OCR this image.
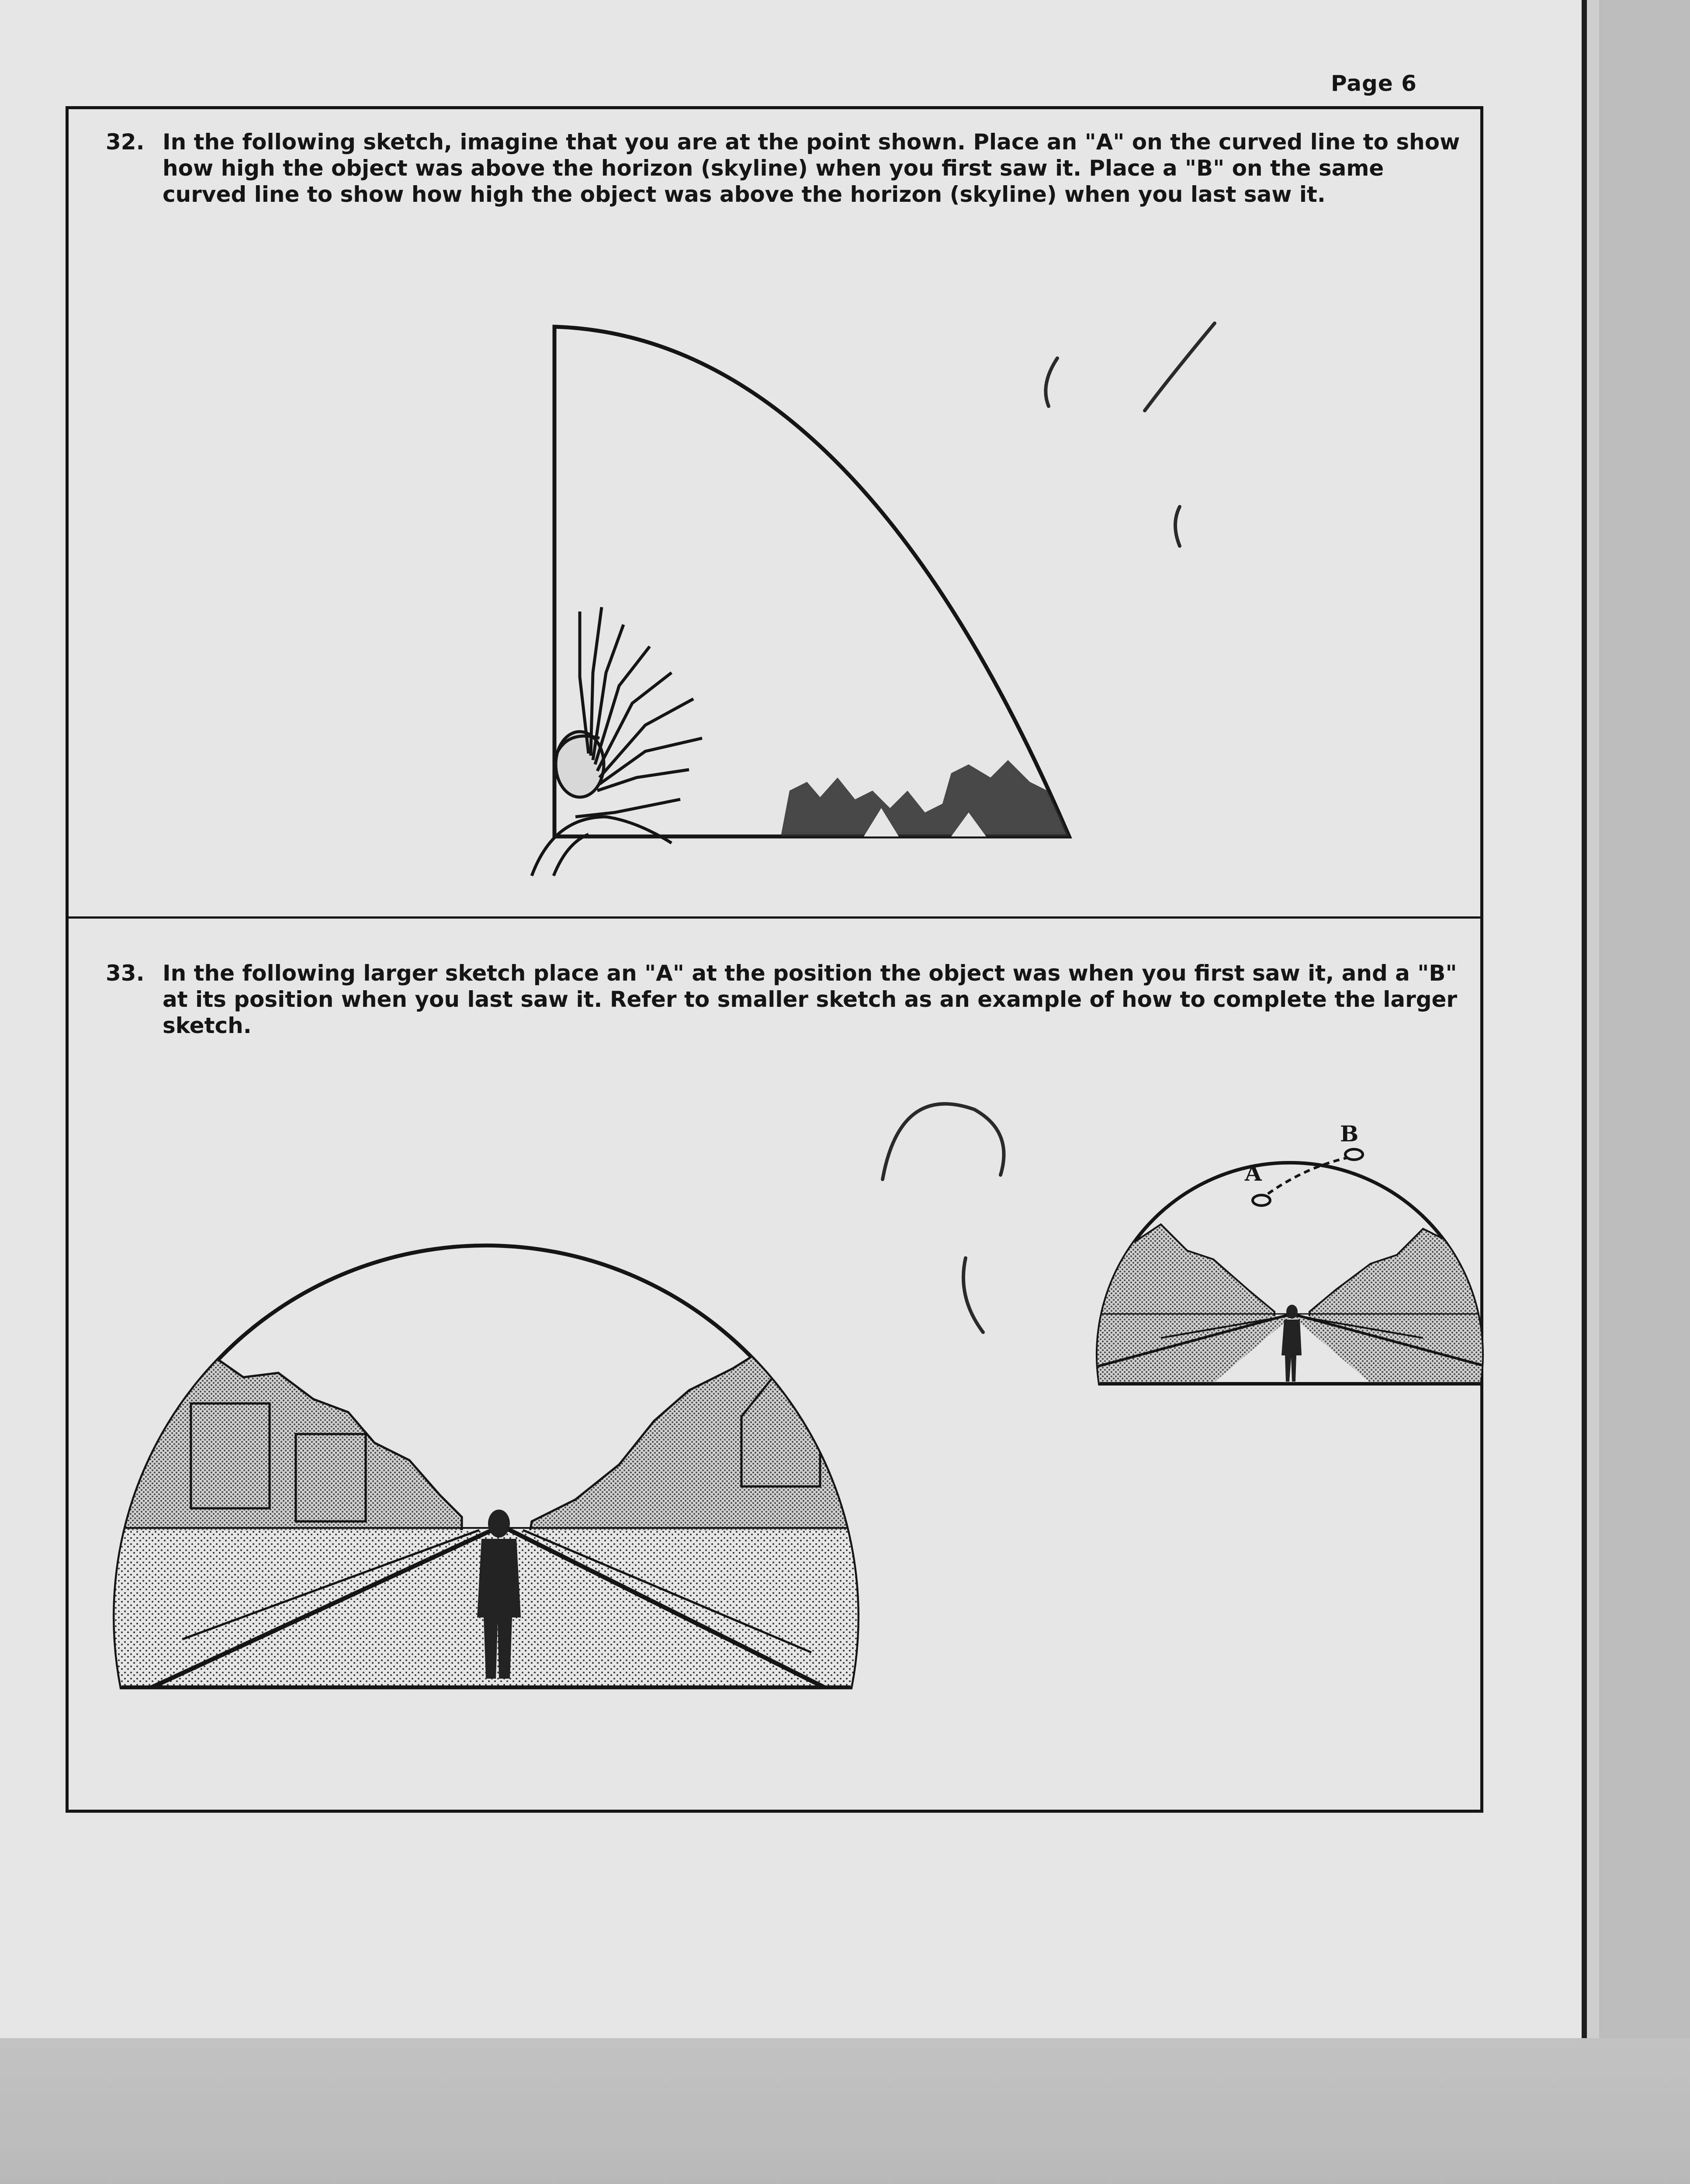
Page 6
32. In the following sketch, imagine that you are at the point shown. Place an "A" on the curved line to show how high the object was above the horizon (skyline) when you first saw it. Place a "B" on the same curved line to show how high the object was above the horizon (skyline) when you last saw it.
33. In the following larger sketch place an "A" at the position the object was when you first saw it, and a "B" at its position when you last saw it. Refer to smaller sketch as an example of how to complete the larger sketch.
A
B
